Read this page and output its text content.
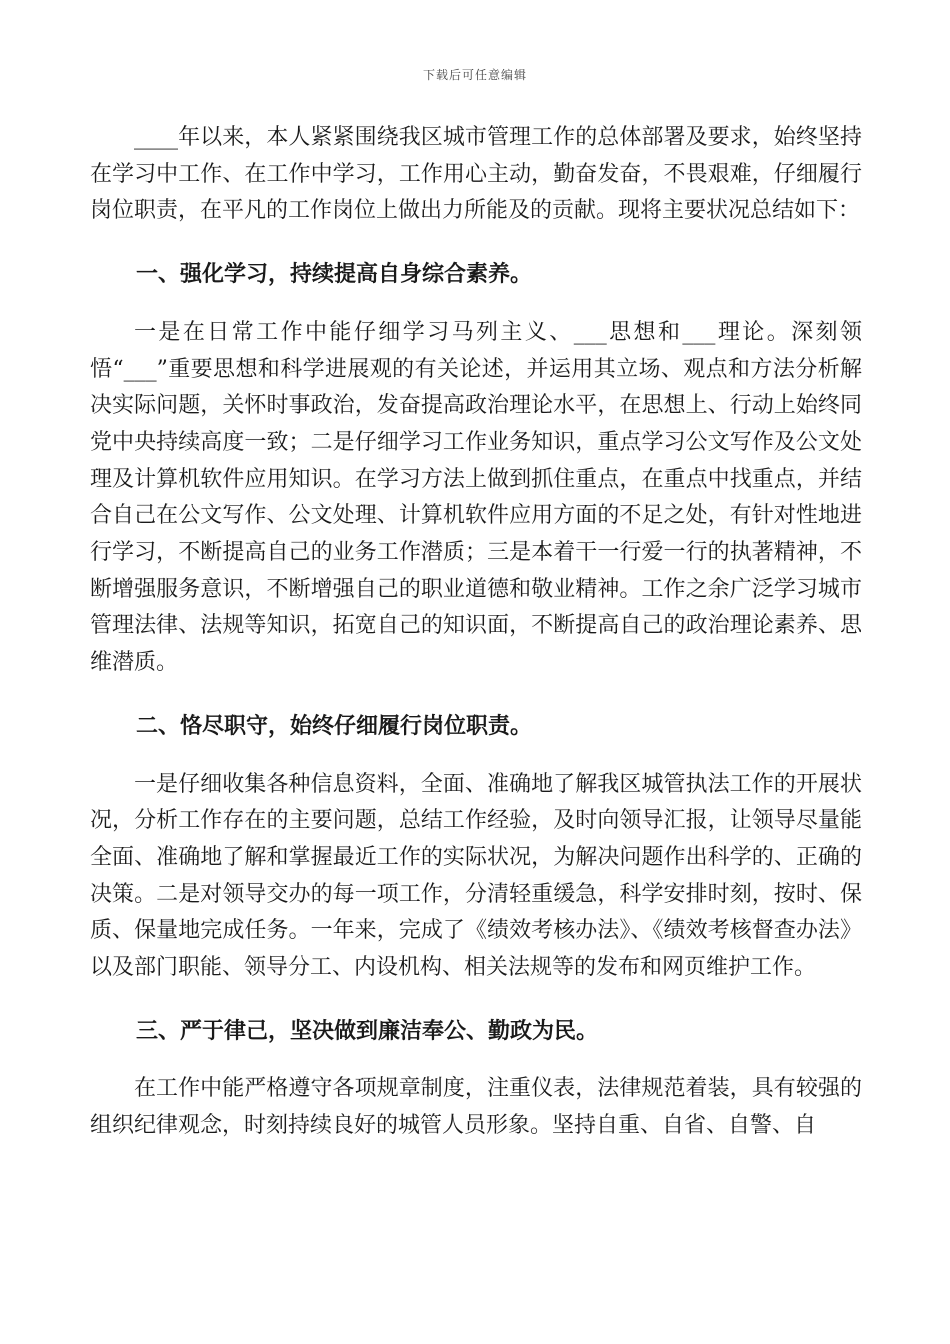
下载后可任意编辑

____年以来，本人紧紧围绕我区城市管理工作的总体部署及要求，始终坚持在学习中工作、在工作中学习，工作用心主动，勤奋发奋，不畏艰难，仔细履行岗位职责，在平凡的工作岗位上做出力所能及的贡献。现将主要状况总结如下：

一、强化学习，持续提高自身综合素养。

一是在日常工作中能仔细学习马列主义、___思想和___理论。深刻领悟“___”重要思想和科学进展观的有关论述，并运用其立场、观点和方法分析解决实际问题，关怀时事政治，发奋提高政治理论水平，在思想上、行动上始终同党中央持续高度一致；二是仔细学习工作业务知识，重点学习公文写作及公文处理及计算机软件应用知识。在学习方法上做到抓住重点，在重点中找重点，并结合自己在公文写作、公文处理、计算机软件应用方面的不足之处，有针对性地进行学习，不断提高自己的业务工作潜质；三是本着干一行爱一行的执著精神，不断增强服务意识，不断增强自己的职业道德和敬业精神。工作之余广泛学习城市管理法律、法规等知识，拓宽自己的知识面，不断提高自己的政治理论素养、思维潜质。

二、恪尽职守，始终仔细履行岗位职责。

一是仔细收集各种信息资料，全面、准确地了解我区城管执法工作的开展状况，分析工作存在的主要问题，总结工作经验，及时向领导汇报，让领导尽量能全面、准确地了解和掌握最近工作的实际状况，为解决问题作出科学的、正确的决策。二是对领导交办的每一项工作，分清轻重缓急，科学安排时刻，按时、保质、保量地完成任务。一年来，完成了《绩效考核办法》、《绩效考核督查办法》以及部门职能、领导分工、内设机构、相关法规等的发布和网页维护工作。

三、严于律己，坚决做到廉洁奉公、勤政为民。

在工作中能严格遵守各项规章制度，注重仪表，法律规范着装，具有较强的组织纪律观念，时刻持续良好的城管人员形象。坚持自重、自省、自警、自
